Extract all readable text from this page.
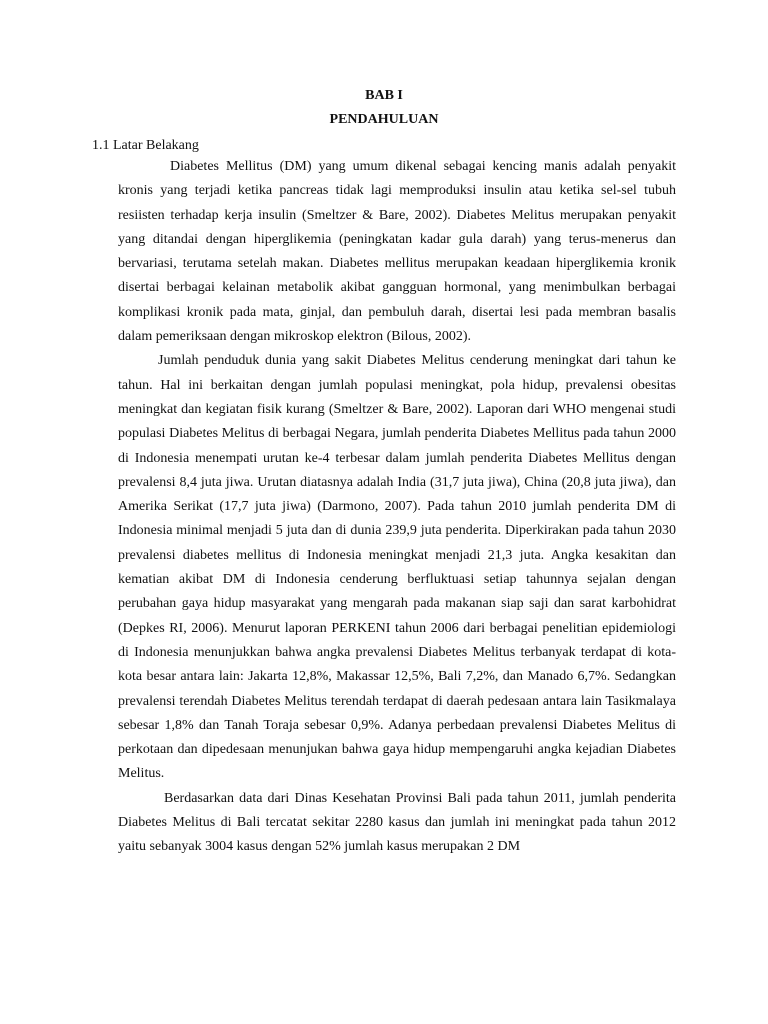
BAB I
PENDAHULUAN
1.1 Latar Belakang

Diabetes Mellitus (DM) yang umum dikenal sebagai kencing manis adalah penyakit kronis yang terjadi ketika pancreas tidak lagi memproduksi insulin atau ketika sel-sel tubuh resiisten terhadap kerja insulin (Smeltzer & Bare, 2002). Diabetes Melitus merupakan penyakit yang ditandai dengan hiperglikemia (peningkatan kadar gula darah) yang terus-menerus dan bervariasi, terutama setelah makan. Diabetes mellitus merupakan keadaan hiperglikemia kronik disertai berbagai kelainan metabolik akibat gangguan hormonal, yang menimbulkan berbagai komplikasi kronik pada mata, ginjal, dan pembuluh darah, disertai lesi pada membran basalis dalam pemeriksaan dengan mikroskop elektron (Bilous, 2002).

Jumlah penduduk dunia yang sakit Diabetes Melitus cenderung meningkat dari tahun ke tahun. Hal ini berkaitan dengan jumlah populasi meningkat, pola hidup, prevalensi obesitas meningkat dan kegiatan fisik kurang (Smeltzer & Bare, 2002). Laporan dari WHO mengenai studi populasi Diabetes Melitus di berbagai Negara, jumlah penderita Diabetes Mellitus pada tahun 2000 di Indonesia menempati urutan ke-4 terbesar dalam jumlah penderita Diabetes Mellitus dengan prevalensi 8,4 juta jiwa. Urutan diatasnya adalah India (31,7 juta jiwa), China (20,8 juta jiwa), dan Amerika Serikat (17,7 juta jiwa) (Darmono, 2007). Pada tahun 2010 jumlah penderita DM di Indonesia minimal menjadi 5 juta dan di dunia 239,9 juta penderita. Diperkirakan pada tahun 2030 prevalensi diabetes mellitus di Indonesia meningkat menjadi 21,3 juta. Angka kesakitan dan kematian akibat DM di Indonesia cenderung berfluktuasi setiap tahunnya sejalan dengan perubahan gaya hidup masyarakat yang mengarah pada makanan siap saji dan sarat karbohidrat (Depkes RI, 2006). Menurut laporan PERKENI tahun 2006 dari berbagai penelitian epidemiologi di Indonesia menunjukkan bahwa angka prevalensi Diabetes Melitus terbanyak terdapat di kota-kota besar antara lain: Jakarta 12,8%, Makassar 12,5%, Bali 7,2%, dan Manado 6,7%. Sedangkan prevalensi terendah Diabetes Melitus terendah terdapat di daerah pedesaan antara lain Tasikmalaya sebesar 1,8% dan Tanah Toraja sebesar 0,9%. Adanya perbedaan prevalensi Diabetes Melitus di perkotaan dan dipedesaan menunjukan bahwa gaya hidup mempengaruhi angka kejadian Diabetes Melitus.

Berdasarkan data dari Dinas Kesehatan Provinsi Bali pada tahun 2011, jumlah penderita Diabetes Melitus di Bali tercatat sekitar 2280 kasus dan jumlah ini meningkat pada tahun 2012 yaitu sebanyak 3004 kasus dengan 52% jumlah kasus merupakan 2 DM
